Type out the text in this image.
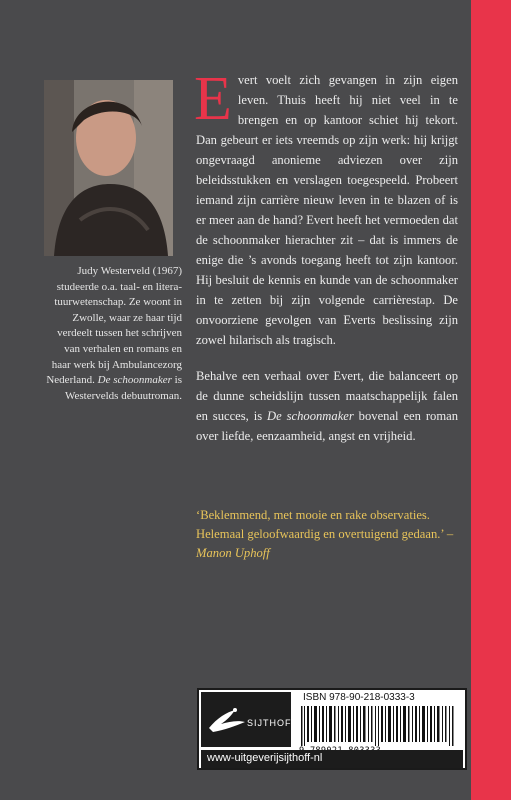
Judy Westerveld (1967)

studeerde o.a. taal- en litera-

tuurwetenschap. Ze woont in

Zwolle, waar ze haar tijd

verdeelt tussen het schrijven

van verhalen en romans en

haar werk bij Ambulancezorg

Nederland. De schoonmaker is

Westervelds debuutroman.

Evert voelt zich gevangen in zijn eigen leven. Thuis heeft hij niet veel in te brengen en op kantoor schiet hij tekort. Dan gebeurt er iets vreemds op zijn werk: hij krijgt ongevraagd anonieme adviezen over zijn beleidsstukken en verslagen toegespeeld. Probeert iemand zijn carrière nieuw leven in te blazen of is er meer aan de hand? Evert heeft het vermoeden dat de schoonmaker hierachter zit – dat is immers de enige die ’s avonds toegang heeft tot zijn kantoor. Hij besluit de kennis en kunde van de schoonmaker in te zetten bij zijn volgende carrièrestap. De onvoorziene gevolgen van Everts beslissing zijn zowel hilarisch als tragisch.

Behalve een verhaal over Evert, die balanceert op de dunne scheidslijn tussen maatschappelijk falen en succes, is De schoonmaker bovenal een roman over liefde, eenzaamheid, angst en vrijheid.

‘Beklemmend, met mooie en rake observaties. Helemaal geloofwaardig en overtuigend gedaan.’ – Manon Uphoff

SIJTHOFF
ISBN 978-90-218-0333-3
www-uitgeverijsijthoff-nl
